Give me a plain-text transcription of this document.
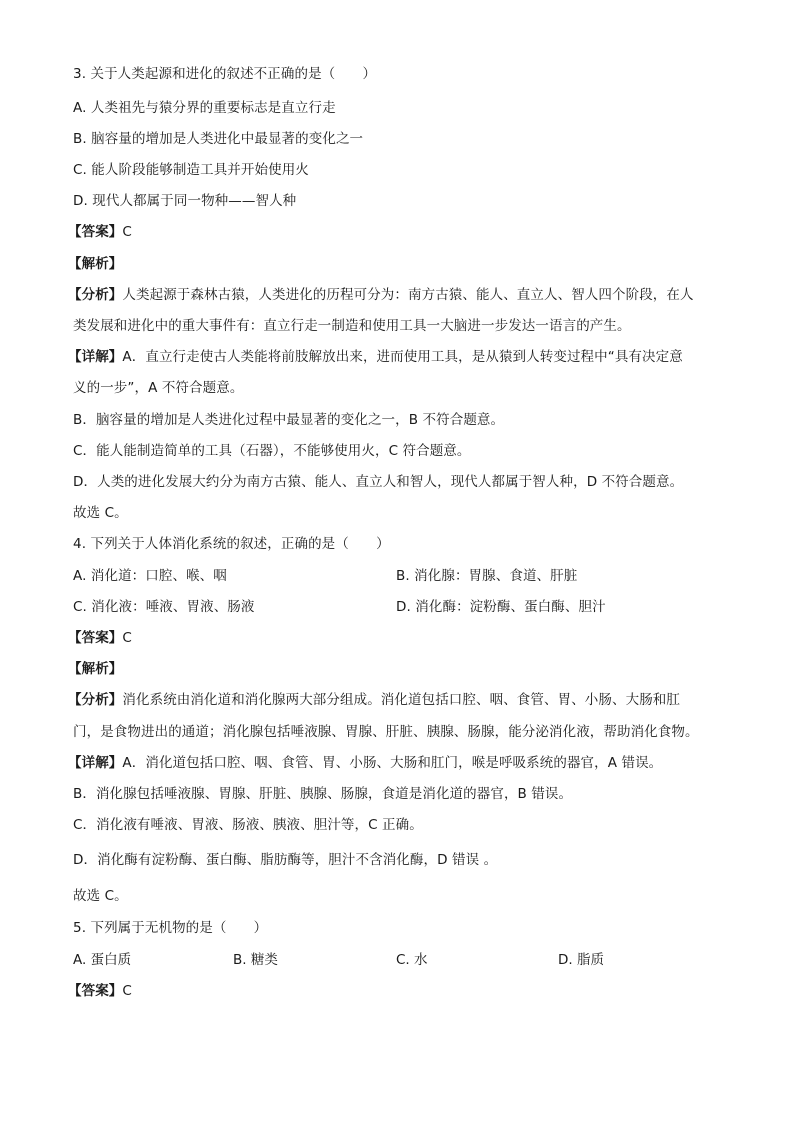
3. 关于人类起源和进化的叙述不正确的是（　　）
A. 人类祖先与猿分界的重要标志是直立行走
B. 脑容量的增加是人类进化中最显著的变化之一
C. 能人阶段能够制造工具并开始使用火
D. 现代人都属于同一物种——智人种
【答案】C
【解析】
【分析】人类起源于森林古猿，人类进化的历程可分为：南方古猿、能人、直立人、智人四个阶段，在人
类发展和进化中的重大事件有：直立行走一制造和使用工具一大脑进一步发达一语言的产生。
【详解】A．直立行走使古人类能将前肢解放出来，进而使用工具，是从猿到人转变过程中“具有决定意
义的一步”，A 不符合题意。
B．脑容量的增加是人类进化过程中最显著的变化之一，B 不符合题意。
C．能人能制造简单的工具（石器），不能够使用火，C 符合题意。
D．人类的进化发展大约分为南方古猿、能人、直立人和智人，现代人都属于智人种，D 不符合题意。
故选 C。
4. 下列关于人体消化系统的叙述，正确的是（　　）
A. 消化道：口腔、喉、咽	B. 消化腺：胃腺、食道、肝脏
C. 消化液：唾液、胃液、肠液	D. 消化酶：淀粉酶、蛋白酶、胆汁
【答案】C
【解析】
【分析】消化系统由消化道和消化腺两大部分组成。消化道包括口腔、咽、食管、胃、小肠、大肠和肛
门，是食物进出的通道；消化腺包括唾液腺、胃腺、肝脏、胰腺、肠腺，能分泌消化液，帮助消化食物。
【详解】A．消化道包括口腔、咽、食管、胃、小肠、大肠和肛门，喉是呼吸系统的器官，A 错误。
B．消化腺包括唾液腺、胃腺、肝脏、胰腺、肠腺，食道是消化道的器官，B 错误。
C．消化液有唾液、胃液、肠液、胰液、胆汁等，C 正确。
D．消化酶有淀粉酶、蛋白酶、脂肪酶等，胆汁不含消化酶，D 错误 。
故选 C。
5. 下列属于无机物的是（　　）
A. 蛋白质	B. 糖类	C. 水	D. 脂质
【答案】C
